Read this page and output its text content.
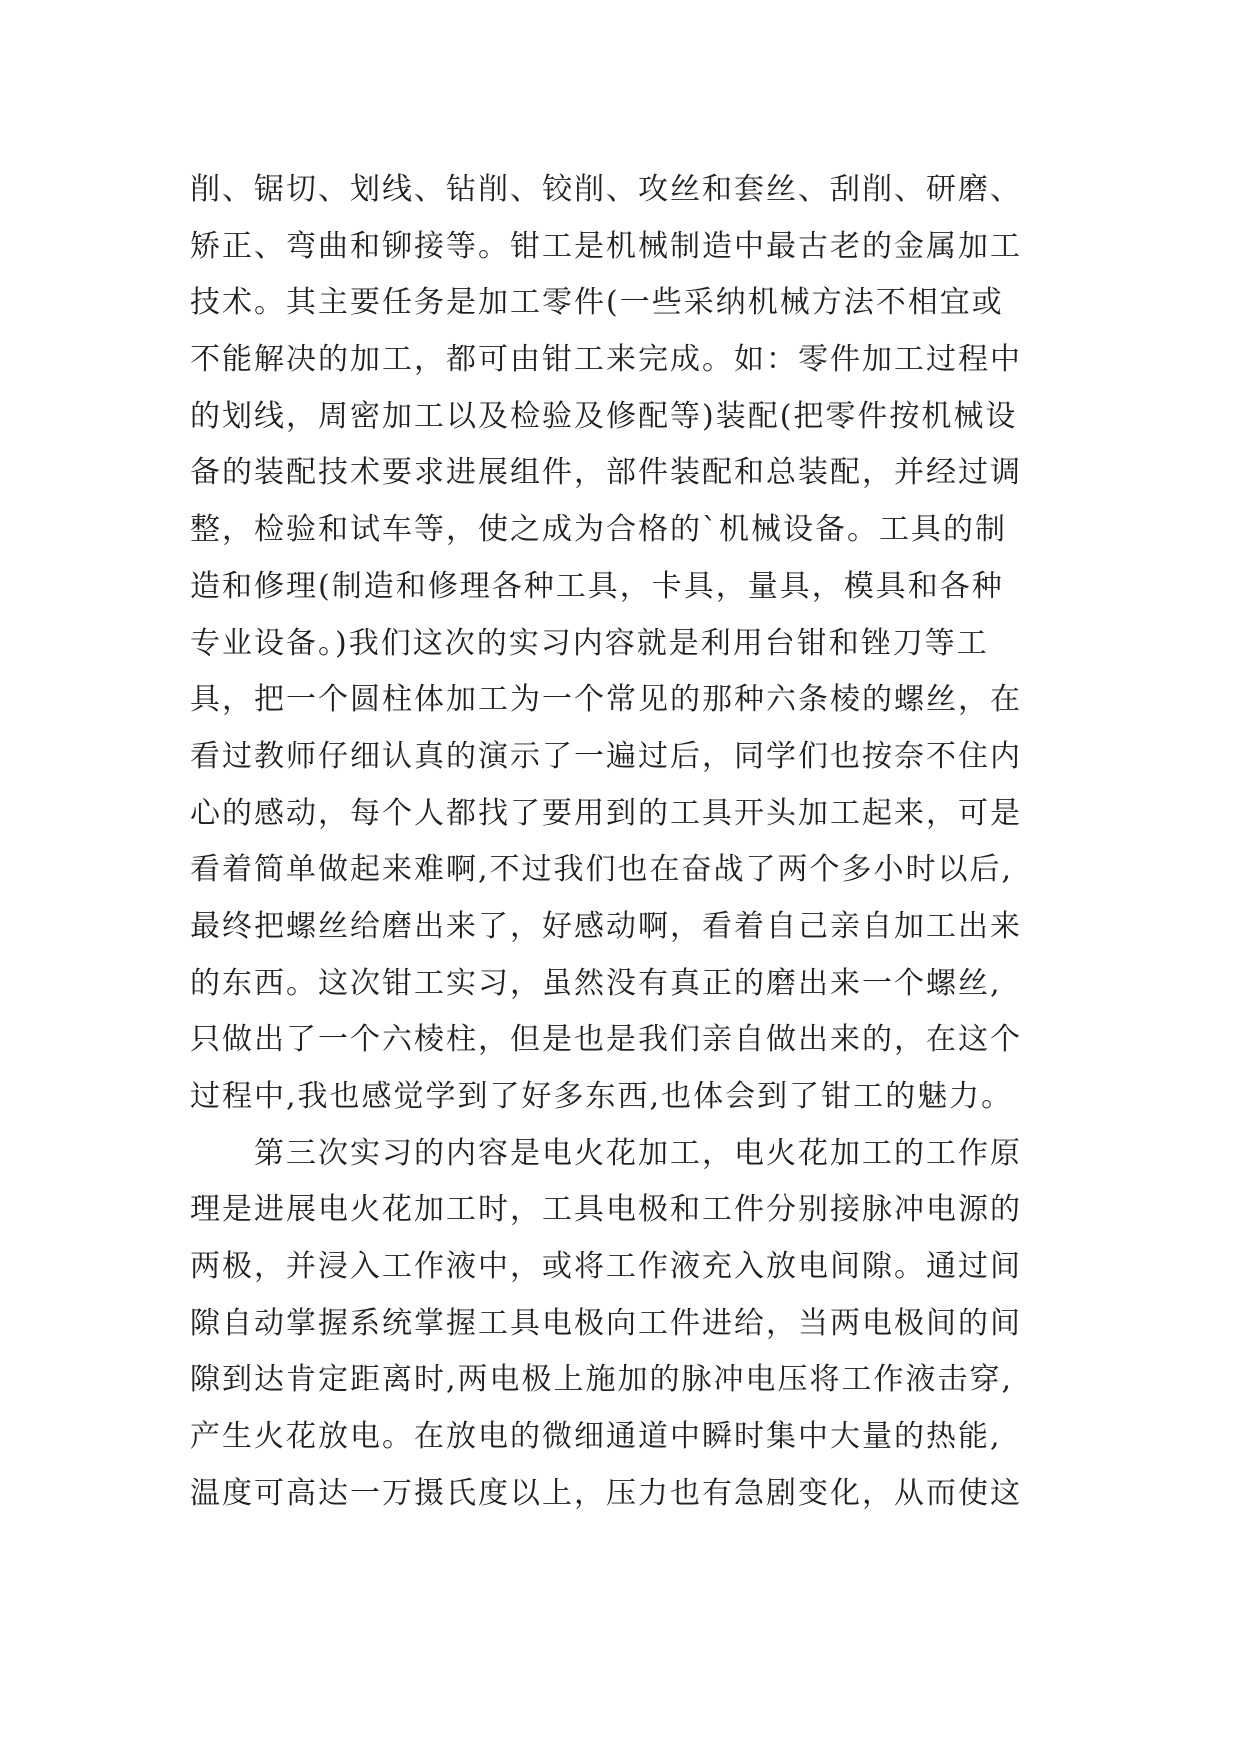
削、锯切、划线、钻削、铰削、攻丝和套丝、刮削、研磨、
矫正、弯曲和铆接等。钳工是机械制造中最古老的金属加工
技术。其主要任务是加工零件(一些采纳机械方法不相宜或
不能解决的加工，都可由钳工来完成。如：零件加工过程中
的划线，周密加工以及检验及修配等)装配(把零件按机械设
备的装配技术要求进展组件，部件装配和总装配，并经过调
整，检验和试车等，使之成为合格的`机械设备。工具的制
造和修理(制造和修理各种工具，卡具，量具，模具和各种
专业设备。)我们这次的实习内容就是利用台钳和锉刀等工
具，把一个圆柱体加工为一个常见的那种六条棱的螺丝，在
看过教师仔细认真的演示了一遍过后，同学们也按奈不住内
心的感动，每个人都找了要用到的工具开头加工起来，可是
看着简单做起来难啊,不过我们也在奋战了两个多小时以后,
最终把螺丝给磨出来了，好感动啊，看着自己亲自加工出来
的东西。这次钳工实习，虽然没有真正的磨出来一个螺丝,
只做出了一个六棱柱，但是也是我们亲自做出来的，在这个
过程中,我也感觉学到了好多东西,也体会到了钳工的魅力。
第三次实习的内容是电火花加工，电火花加工的工作原
理是进展电火花加工时，工具电极和工件分别接脉冲电源的
两极，并浸入工作液中，或将工作液充入放电间隙。通过间
隙自动掌握系统掌握工具电极向工件进给，当两电极间的间
隙到达肯定距离时,两电极上施加的脉冲电压将工作液击穿,
产生火花放电。在放电的微细通道中瞬时集中大量的热能,
温度可高达一万摄氏度以上，压力也有急剧变化，从而使这
